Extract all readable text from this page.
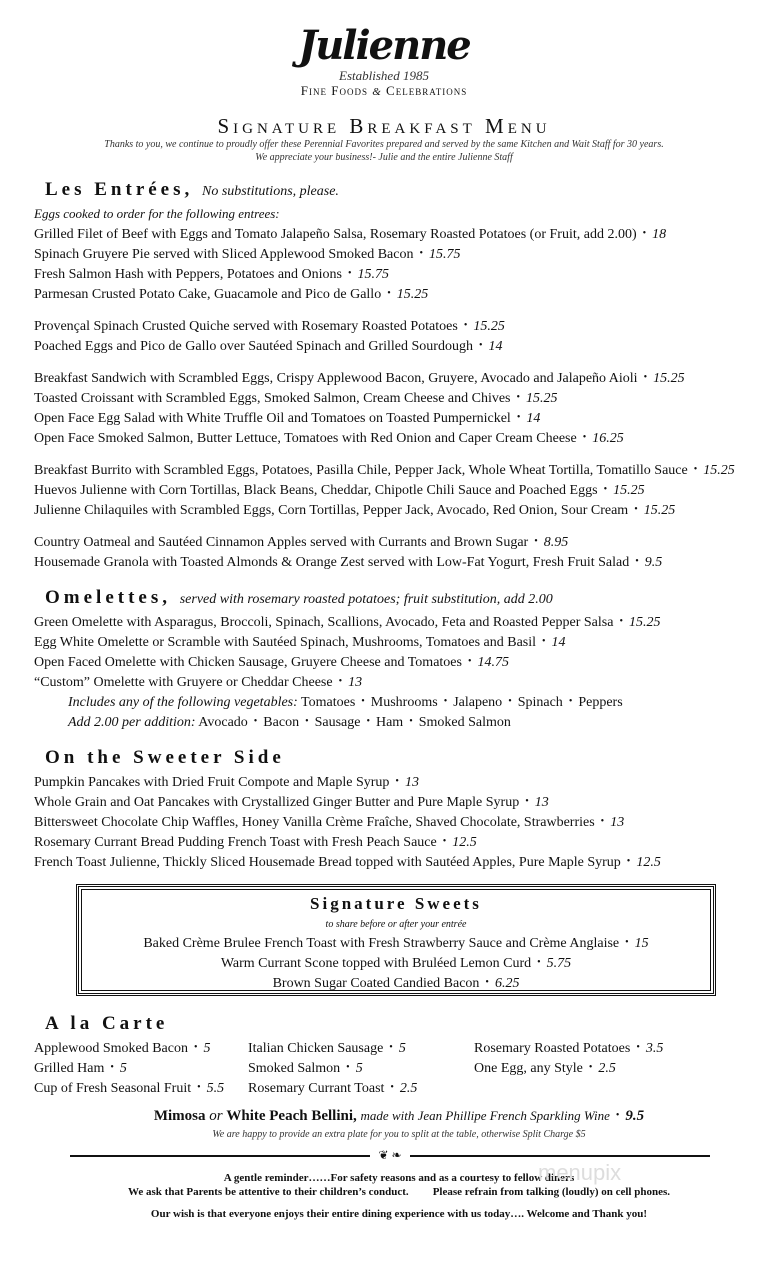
Julienne
Established 1985
Fine Foods & Celebrations
Signature Breakfast Menu
Thanks to you, we continue to proudly offer these Perennial Favorites prepared and served by the same Kitchen and Wait Staff for 30 years.
We appreciate your business!- Julie and the entire Julienne Staff
Les Entrées, No substitutions, please.
Eggs cooked to order for the following entrees:
Grilled Filet of Beef with Eggs and Tomato Jalapeño Salsa, Rosemary Roasted Potatoes (or Fruit, add 2.00) • 18
Spinach Gruyere Pie served with Sliced Applewood Smoked Bacon • 15.75
Fresh Salmon Hash with Peppers, Potatoes and Onions • 15.75
Parmesan Crusted Potato Cake, Guacamole and Pico de Gallo • 15.25
Provençal Spinach Crusted Quiche served with Rosemary Roasted Potatoes • 15.25
Poached Eggs and Pico de Gallo over Sautéed Spinach and Grilled Sourdough • 14
Breakfast Sandwich with Scrambled Eggs, Crispy Applewood Bacon, Gruyere, Avocado and Jalapeño Aioli • 15.25
Toasted Croissant with Scrambled Eggs, Smoked Salmon, Cream Cheese and Chives • 15.25
Open Face Egg Salad with White Truffle Oil and Tomatoes on Toasted Pumpernickel • 14
Open Face Smoked Salmon, Butter Lettuce, Tomatoes with Red Onion and Caper Cream Cheese • 16.25
Breakfast Burrito with Scrambled Eggs, Potatoes, Pasilla Chile, Pepper Jack, Whole Wheat Tortilla, Tomatillo Sauce • 15.25
Huevos Julienne with Corn Tortillas, Black Beans, Cheddar, Chipotle Chili Sauce and Poached Eggs • 15.25
Julienne Chilaquiles with Scrambled Eggs, Corn Tortillas, Pepper Jack, Avocado, Red Onion, Sour Cream • 15.25
Country Oatmeal and Sautéed Cinnamon Apples served with Currants and Brown Sugar • 8.95
Housemade Granola with Toasted Almonds & Orange Zest served with Low-Fat Yogurt, Fresh Fruit Salad • 9.5
Omelettes, served with rosemary roasted potatoes; fruit substitution, add 2.00
Green Omelette with Asparagus, Broccoli, Spinach, Scallions, Avocado, Feta and Roasted Pepper Salsa • 15.25
Egg White Omelette or Scramble with Sautéed Spinach, Mushrooms, Tomatoes and Basil • 14
Open Faced Omelette with Chicken Sausage, Gruyere Cheese and Tomatoes • 14.75
“Custom” Omelette with Gruyere or Cheddar Cheese • 13
Includes any of the following vegetables: Tomatoes • Mushrooms • Jalapeno • Spinach • Peppers
Add 2.00 per addition: Avocado • Bacon • Sausage • Ham • Smoked Salmon
On the Sweeter Side
Pumpkin Pancakes with Dried Fruit Compote and Maple Syrup • 13
Whole Grain and Oat Pancakes with Crystallized Ginger Butter and Pure Maple Syrup • 13
Bittersweet Chocolate Chip Waffles, Honey Vanilla Crème Fraîche, Shaved Chocolate, Strawberries • 13
Rosemary Currant Bread Pudding French Toast with Fresh Peach Sauce • 12.5
French Toast Julienne, Thickly Sliced Housemade Bread topped with Sautéed Apples, Pure Maple Syrup • 12.5
Signature Sweets
to share before or after your entrée
Baked Crème Brulee French Toast with Fresh Strawberry Sauce and Crème Anglaise • 15
Warm Currant Scone topped with Bruléed Lemon Curd • 5.75
Brown Sugar Coated Candied Bacon • 6.25
A la Carte
Applewood Smoked Bacon • 5
Grilled Ham • 5
Cup of Fresh Seasonal Fruit • 5.5
Italian Chicken Sausage • 5
Smoked Salmon • 5
Rosemary Currant Toast • 2.5
Rosemary Roasted Potatoes • 3.5
One Egg, any Style • 2.5
Mimosa or White Peach Bellini, made with Jean Phillipe French Sparkling Wine • 9.5
We are happy to provide an extra plate for you to split at the table, otherwise Split Charge $5
❦ ❧
A gentle reminder……For safety reasons and as a courtesy to fellow diners
We ask that Parents be attentive to their children’s conduct. Please refrain from talking (loudly) on cell phones.
Our wish is that everyone enjoys their entire dining experience with us today…. Welcome and Thank you!
menupix
